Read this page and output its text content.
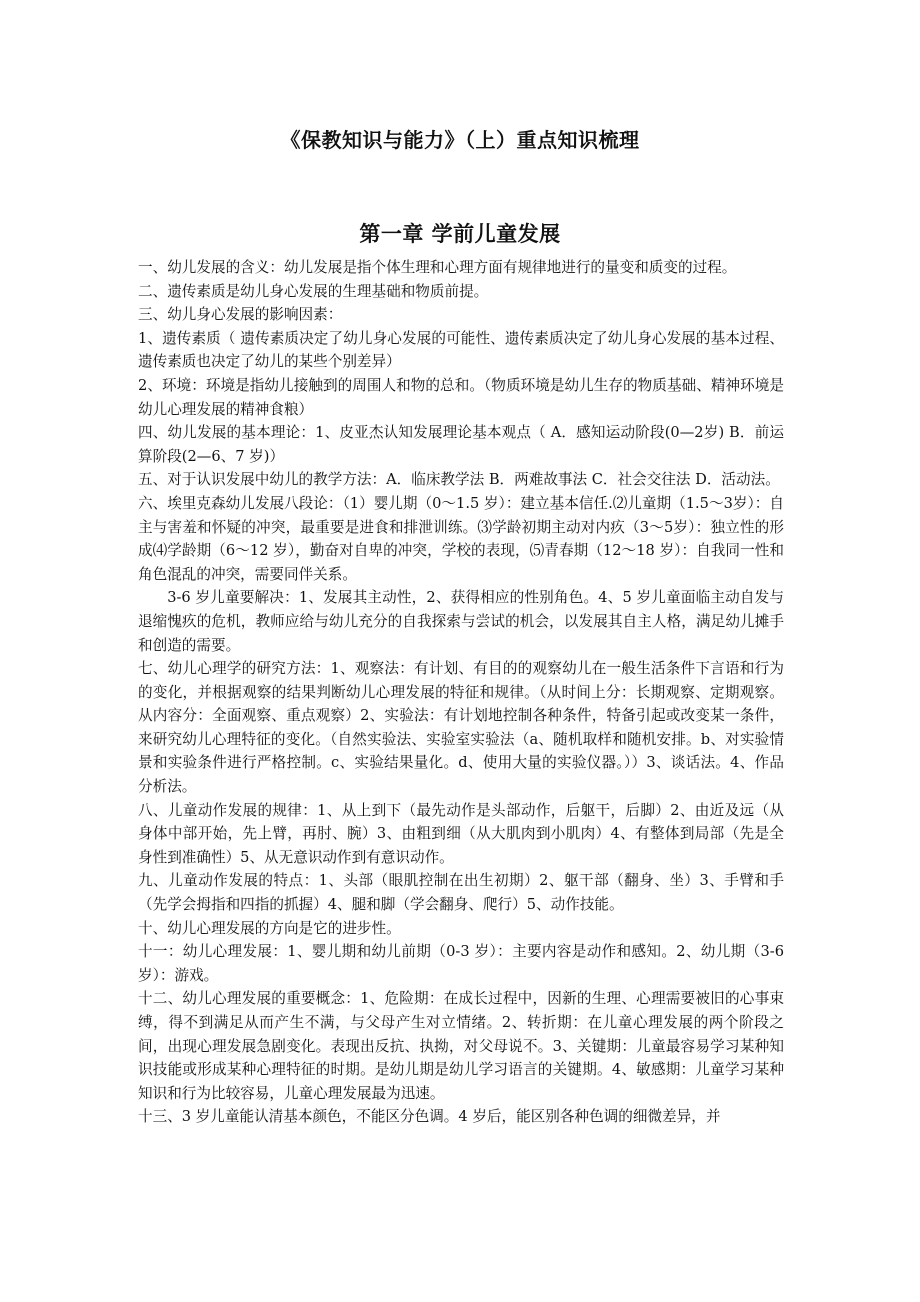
《保教知识与能力》（上）重点知识梳理
第一章 学前儿童发展

一、幼儿发展的含义：幼儿发展是指个体生理和心理方面有规律地进行的量变和质变的过程。

二、遗传素质是幼儿身心发展的生理基础和物质前提。

三、幼儿身心发展的影响因素：

1、遗传素质（ 遗传素质决定了幼儿身心发展的可能性、遗传素质决定了幼儿身心发展的基本过程、遗传素质也决定了幼儿的某些个别差异）

2、环境：环境是指幼儿接触到的周围人和物的总和。（物质环境是幼儿生存的物质基础、精神环境是幼儿心理发展的精神食粮）

四、幼儿发展的基本理论：1、皮亚杰认知发展理论基本观点（ A．感知运动阶段(0—2岁) B．前运算阶段(2—6、7 岁)）

五、对于认识发展中幼儿的教学方法：A．临床教学法 B．两难故事法 C．社会交往法 D．活动法。

六、埃里克森幼儿发展八段论：（1）婴儿期（0～1.5 岁）：建立基本信任.⑵儿童期（1.5～3岁）：自主与害羞和怀疑的冲突，最重要是进食和排泄训练。⑶学龄初期主动对内疚（3～5岁）：独立性的形成⑷学龄期（6～12 岁），勤奋对自卑的冲突，学校的表现，⑸青春期（12～18 岁）：自我同一性和角色混乱的冲突，需要同伴关系。

3-6 岁儿童要解决：1、发展其主动性，2、获得相应的性别角色。4、5 岁儿童面临主动自发与退缩愧疚的危机，教师应给与幼儿充分的自我探索与尝试的机会，以发展其自主人格，满足幼儿摊手和创造的需要。

七、幼儿心理学的研究方法：1、观察法：有计划、有目的的观察幼儿在一般生活条件下言语和行为的变化，并根据观察的结果判断幼儿心理发展的特征和规律。（从时间上分：长期观察、定期观察。从内容分：全面观察、重点观察）2、实验法：有计划地控制各种条件，特备引起或改变某一条件，来研究幼儿心理特征的变化。（自然实验法、实验室实验法（a、随机取样和随机安排。b、对实验情景和实验条件进行严格控制。c、实验结果量化。d、使用大量的实验仪器。））3、谈话法。4、作品分析法。

八、儿童动作发展的规律：1、从上到下（最先动作是头部动作，后躯干，后脚）2、由近及远（从身体中部开始，先上臂，再肘、腕）3、由粗到细（从大肌肉到小肌肉）4、有整体到局部（先是全身性到准确性）5、从无意识动作到有意识动作。

九、儿童动作发展的特点：1、头部（眼肌控制在出生初期）2、躯干部（翻身、坐）3、手臂和手（先学会拇指和四指的抓握）4、腿和脚（学会翻身、爬行）5、动作技能。

十、幼儿心理发展的方向是它的进步性。

十一：幼儿心理发展：1、婴儿期和幼儿前期（0-3 岁）：主要内容是动作和感知。2、幼儿期（3-6 岁）：游戏。

十二、幼儿心理发展的重要概念：1、危险期：在成长过程中，因新的生理、心理需要被旧的心事束缚，得不到满足从而产生不满，与父母产生对立情绪。2、转折期：在儿童心理发展的两个阶段之间，出现心理发展急剧变化。表现出反抗、执拗，对父母说不。3、关键期：儿童最容易学习某种知识技能或形成某种心理特征的时期。是幼儿期是幼儿学习语言的关键期。4、敏感期：儿童学习某种知识和行为比较容易，儿童心理发展最为迅速。

十三、3 岁儿童能认清基本颜色，不能区分色调。4 岁后，能区别各种色调的细微差异，并
